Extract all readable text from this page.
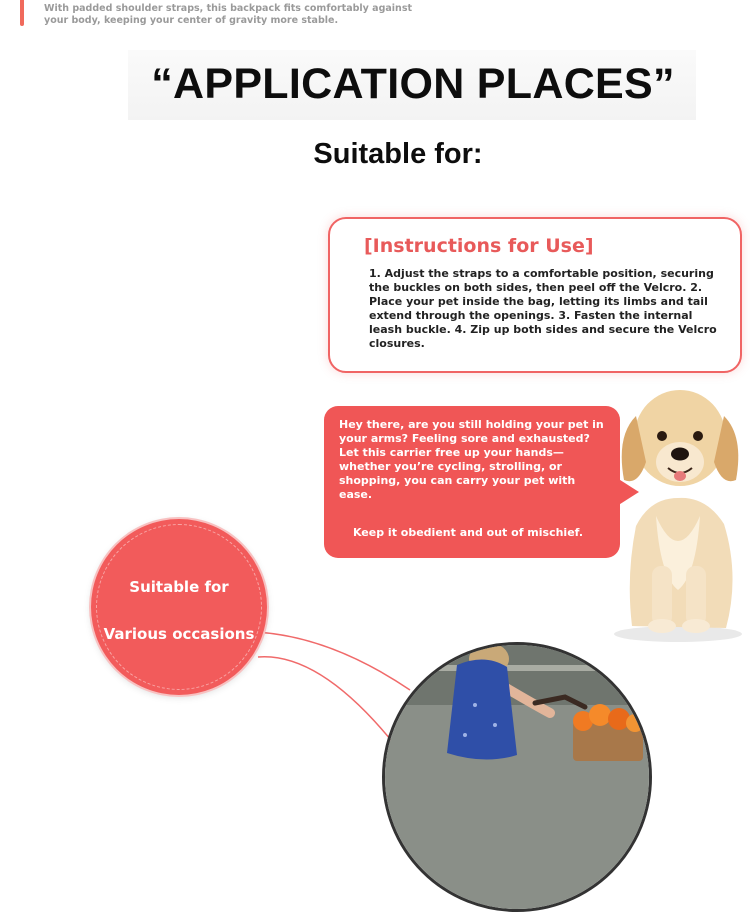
With padded shoulder straps, this backpack fits comfortably against your body, keeping your center of gravity more stable.
“APPLICATION PLACES”
Suitable for:
[Instructions for Use]
1. Adjust the straps to a comfortable position, securing the buckles on both sides, then peel off the Velcro. 2. Place your pet inside the bag, letting its limbs and tail extend through the openings. 3. Fasten the internal leash buckle. 4. Zip up both sides and secure the Velcro closures.
Hey there, are you still holding your pet in your arms? Feeling sore and exhausted? Let this carrier free up your hands—whether you’re cycling, strolling, or shopping, you can carry your pet with ease.
Keep it obedient and out of mischief.
Suitable for
Various occasions
